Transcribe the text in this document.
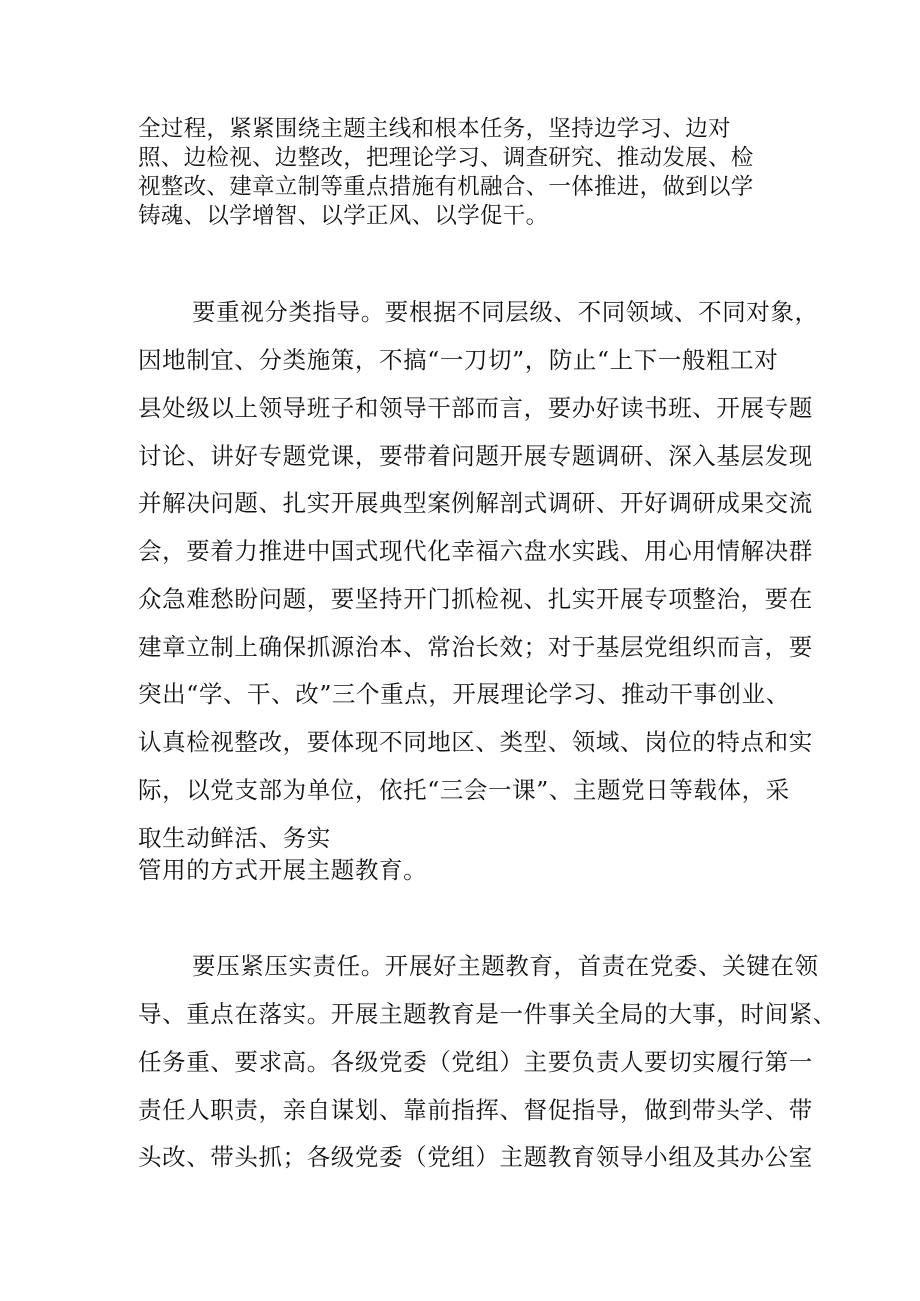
全过程，紧紧围绕主题主线和根本任务，坚持边学习、边对
照、边检视、边整改，把理论学习、调查研究、推动发展、检
视整改、建章立制等重点措施有机融合、一体推进，做到以学
铸魂、以学增智、以学正风、以学促干。
要重视分类指导。要根据不同层级、不同领域、不同对象，
因地制宜、分类施策，不搞“一刀切”，防止“上下一般粗工对
县处级以上领导班子和领导干部而言，要办好读书班、开展专题
讨论、讲好专题党课，要带着问题开展专题调研、深入基层发现
并解决问题、扎实开展典型案例解剖式调研、开好调研成果交流
会，要着力推进中国式现代化幸福六盘水实践、用心用情解决群
众急难愁盼问题，要坚持开门抓检视、扎实开展专项整治，要在
建章立制上确保抓源治本、常治长效；对于基层党组织而言，要
突出“学、干、改”三个重点，开展理论学习、推动干事创业、
认真检视整改，要体现不同地区、类型、领域、岗位的特点和实
际，以党支部为单位，依托“三会一课”、主题党日等载体，采
取生动鲜活、务实
管用的方式开展主题教育。
要压紧压实责任。开展好主题教育，首责在党委、关键在领
导、重点在落实。开展主题教育是一件事关全局的大事，时间紧、
任务重、要求高。各级党委（党组）主要负责人要切实履行第一
责任人职责，亲自谋划、靠前指挥、督促指导，做到带头学、带
头改、带头抓；各级党委（党组）主题教育领导小组及其办公室
